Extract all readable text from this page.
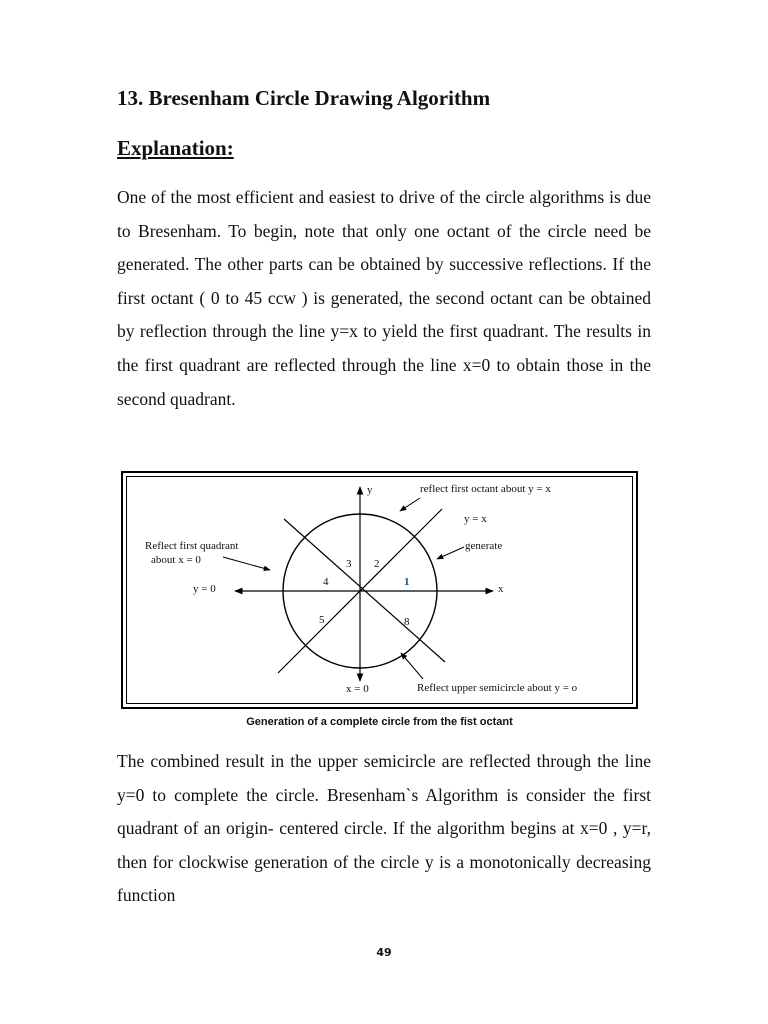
13. Bresenham Circle Drawing Algorithm
Explanation:

One of the most efficient and easiest to drive of the circle algorithms is due to Bresenham. To begin, note that only one octant of the circle need be generated. The other parts can be obtained by successive reflections. If the first octant ( 0 to 45 ccw ) is generated, the second octant can be obtained by reflection through the line y=x to yield the first quadrant. The results in the first quadrant are reflected through the line x=0 to obtain those in the second quadrant.

3 2
4	1
5	8
y
x
reflect first octant about y = x
y = x
generate
Reflect first quadrant
about x = 0
y = 0
x = 0	Reflect upper semicircle about y = o

Generation of a complete circle from the fist octant

The combined result in the upper semicircle are reflected through the line y=0 to complete the circle. Bresenham`s Algorithm is consider the first quadrant of an origin- centered circle. If the algorithm begins at x=0 , y=r, then for clockwise generation of the circle y is a monotonically decreasing function

49
